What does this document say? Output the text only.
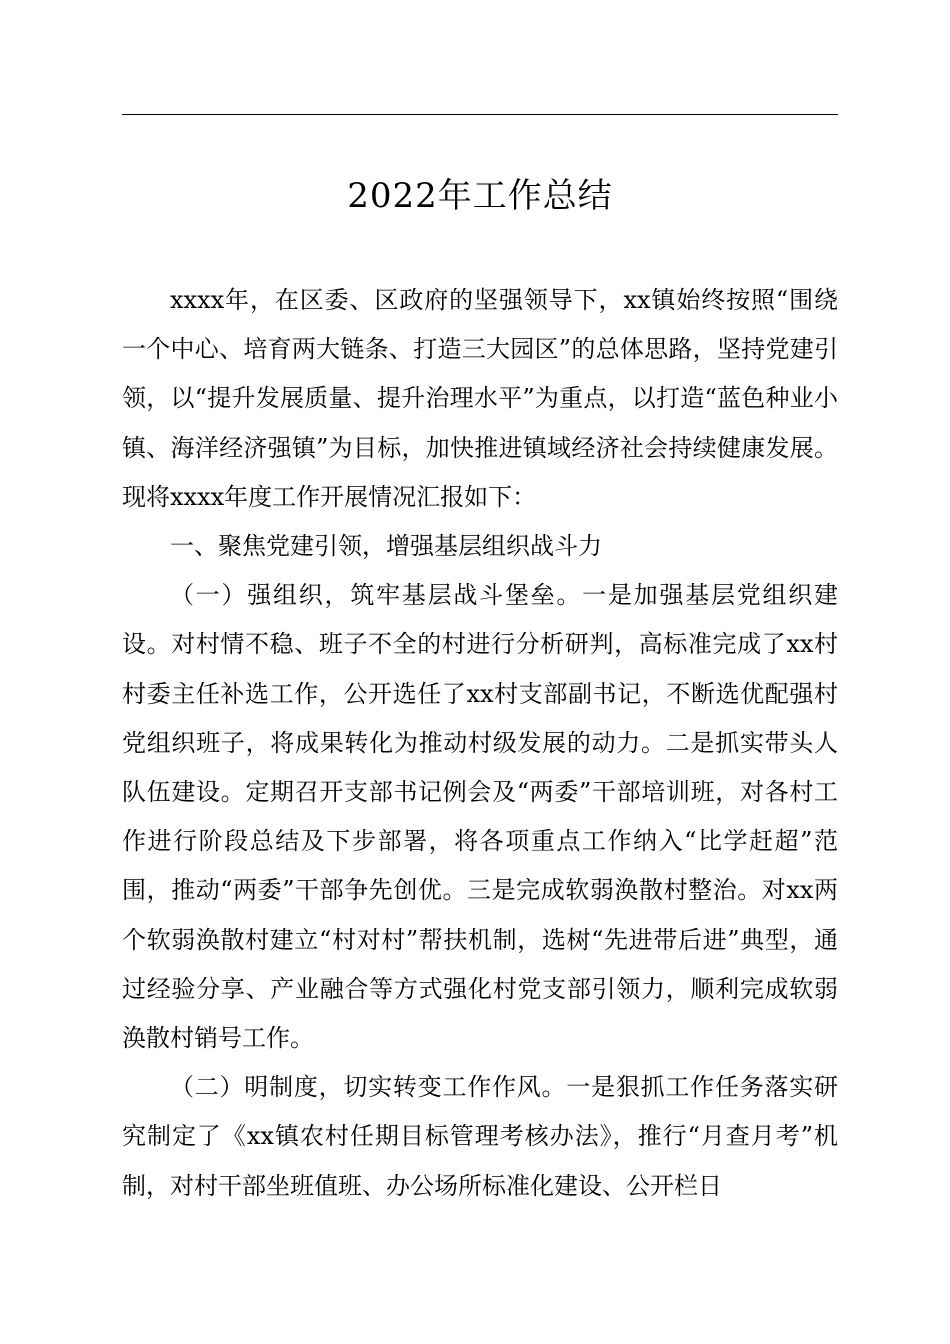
2022年工作总结

xxxx年，在区委、区政府的坚强领导下，xx镇始终按照“围绕一个中心、培育两大链条、打造三大园区”的总体思路，坚持党建引领，以“提升发展质量、提升治理水平”为重点，以打造“蓝色种业小镇、海洋经济强镇”为目标，加快推进镇域经济社会持续健康发展。现将xxxx年度工作开展情况汇报如下：

一、聚焦党建引领，增强基层组织战斗力

（一）强组织，筑牢基层战斗堡垒。一是加强基层党组织建设。对村情不稳、班子不全的村进行分析研判，高标准完成了xx村村委主任补选工作，公开选任了xx村支部副书记，不断选优配强村党组织班子，将成果转化为推动村级发展的动力。二是抓实带头人队伍建设。定期召开支部书记例会及“两委”干部培训班，对各村工作进行阶段总结及下步部署，将各项重点工作纳入“比学赶超”范围，推动“两委”干部争先创优。三是完成软弱涣散村整治。对xx两个软弱涣散村建立“村对村”帮扶机制，选树“先进带后进”典型，通过经验分享、产业融合等方式强化村党支部引领力，顺利完成软弱涣散村销号工作。

（二）明制度，切实转变工作作风。一是狠抓工作任务落实研究制定了《xx镇农村任期目标管理考核办法》，推行“月查月考”机制，对村干部坐班值班、办公场所标准化建设、公开栏日
